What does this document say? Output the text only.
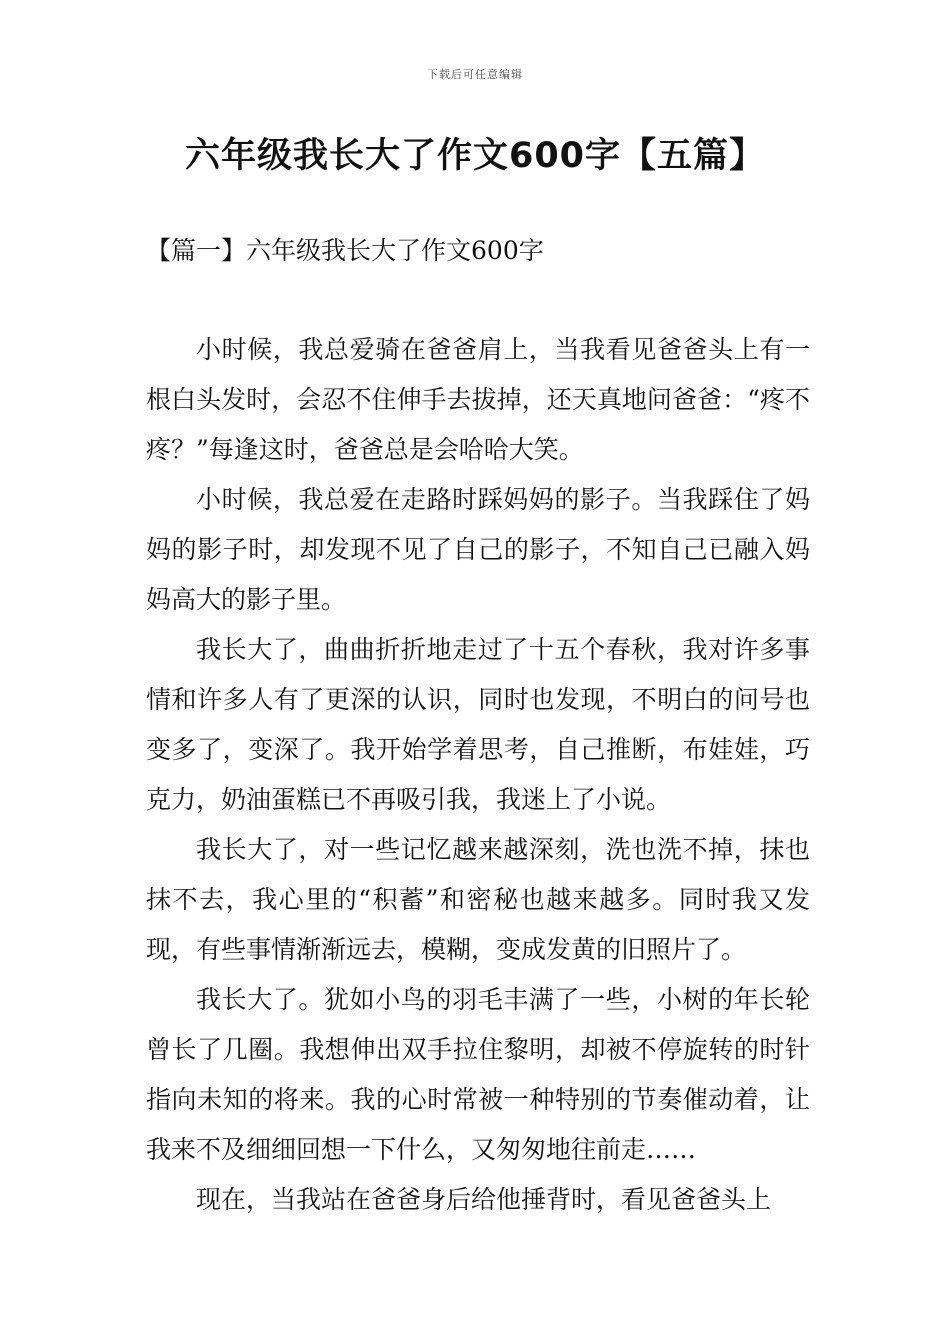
下载后可任意编辑
六年级我长大了作文600字【五篇】
【篇一】六年级我长大了作文600字

小时候，我总爱骑在爸爸肩上，当我看见爸爸头上有一根白头发时，会忍不住伸手去拔掉，还天真地问爸爸：“疼不疼？”每逢这时，爸爸总是会哈哈大笑。

小时候，我总爱在走路时踩妈妈的影子。当我踩住了妈妈的影子时，却发现不见了自己的影子，不知自己已融入妈妈高大的影子里。

我长大了，曲曲折折地走过了十五个春秋，我对许多事情和许多人有了更深的认识，同时也发现，不明白的问号也变多了，变深了。我开始学着思考，自己推断，布娃娃，巧克力，奶油蛋糕已不再吸引我，我迷上了小说。

我长大了，对一些记忆越来越深刻，洗也洗不掉，抹也抹不去，我心里的“积蓄”和密秘也越来越多。同时我又发现，有些事情渐渐远去，模糊，变成发黄的旧照片了。

我长大了。犹如小鸟的羽毛丰满了一些，小树的年长轮曾长了几圈。我想伸出双手拉住黎明，却被不停旋转的时针指向未知的将来。我的心时常被一种特别的节奏催动着，让我来不及细细回想一下什么，又匆匆地往前走……

现在，当我站在爸爸身后给他捶背时，看见爸爸头上
